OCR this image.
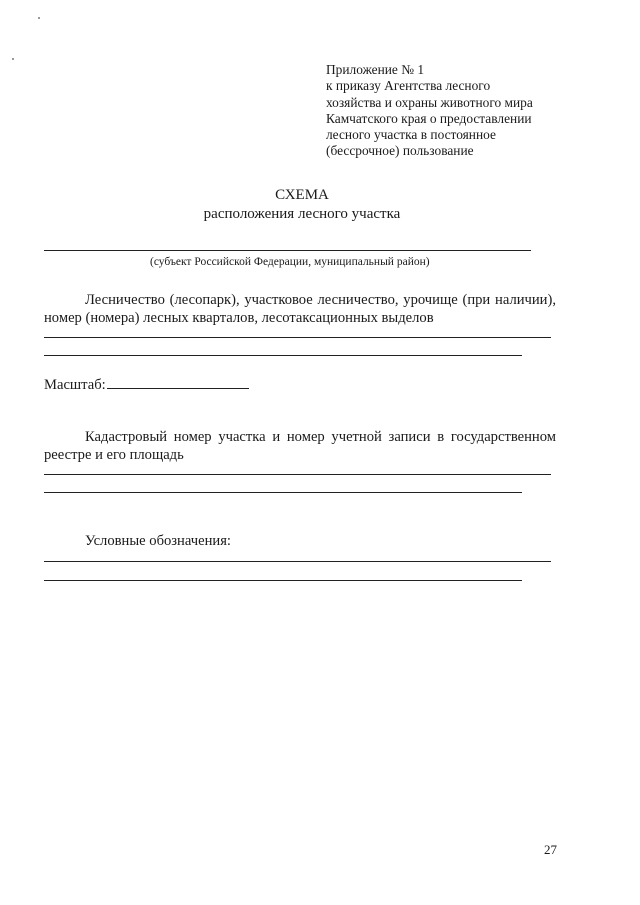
Приложение № 1
к приказу Агентства лесного
хозяйства и охраны животного мира
Камчатского края о предоставлении
лесного участка в постоянное
(бессрочное) пользование
СХЕМА
расположения лесного участка
(субъект Российской Федерации, муниципальный район)
Лесничество (лесопарк), участковое лесничество, урочище (при наличии),
номер (номера) лесных кварталов, лесотаксационных выделов
Масштаб:
Кадастровый номер участка и номер учетной записи в государственном
реестре и его площадь
Условные обозначения:
27
